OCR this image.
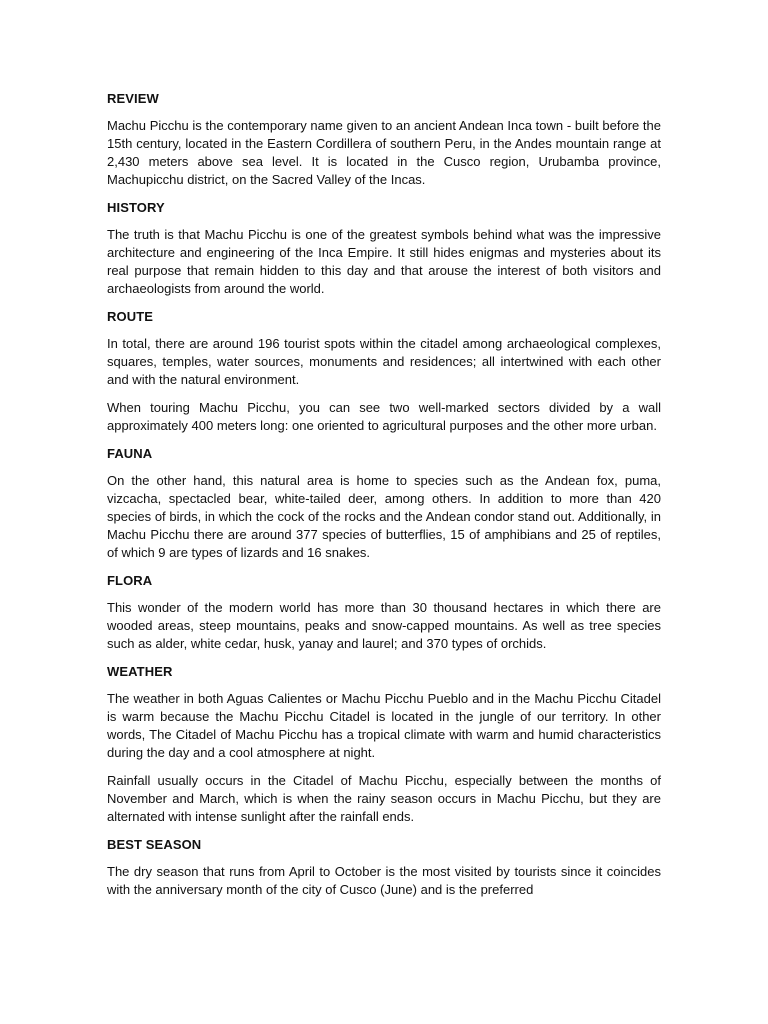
REVIEW

Machu Picchu is the contemporary name given to an ancient Andean Inca town - built before the 15th century, located in the Eastern Cordillera of southern Peru, in the Andes mountain range at 2,430 meters above sea level. It is located in the Cusco region, Urubamba province, Machupicchu district, on the Sacred Valley of the Incas.

HISTORY

The truth is that Machu Picchu is one of the greatest symbols behind what was the impressive architecture and engineering of the Inca Empire. It still hides enigmas and mysteries about its real purpose that remain hidden to this day and that arouse the interest of both visitors and archaeologists from around the world.

ROUTE

In total, there are around 196 tourist spots within the citadel among archaeological complexes, squares, temples, water sources, monuments and residences; all intertwined with each other and with the natural environment.

When touring Machu Picchu, you can see two well-marked sectors divided by a wall approximately 400 meters long: one oriented to agricultural purposes and the other more urban.

FAUNA

On the other hand, this natural area is home to species such as the Andean fox, puma, vizcacha, spectacled bear, white-tailed deer, among others. In addition to more than 420 species of birds, in which the cock of the rocks and the Andean condor stand out. Additionally, in Machu Picchu there are around 377 species of butterflies, 15 of amphibians and 25 of reptiles, of which 9 are types of lizards and 16 snakes.

FLORA

This wonder of the modern world has more than 30 thousand hectares in which there are wooded areas, steep mountains, peaks and snow-capped mountains. As well as tree species such as alder, white cedar, husk, yanay and laurel; and 370 types of orchids.

WEATHER

The weather in both Aguas Calientes or Machu Picchu Pueblo and in the Machu Picchu Citadel is warm because the Machu Picchu Citadel is located in the jungle of our territory. In other words, The Citadel of Machu Picchu has a tropical climate with warm and humid characteristics during the day and a cool atmosphere at night.

Rainfall usually occurs in the Citadel of Machu Picchu, especially between the months of November and March, which is when the rainy season occurs in Machu Picchu, but they are alternated with intense sunlight after the rainfall ends.

BEST SEASON

The dry season that runs from April to October is the most visited by tourists since it coincides with the anniversary month of the city of Cusco (June) and is the preferred
